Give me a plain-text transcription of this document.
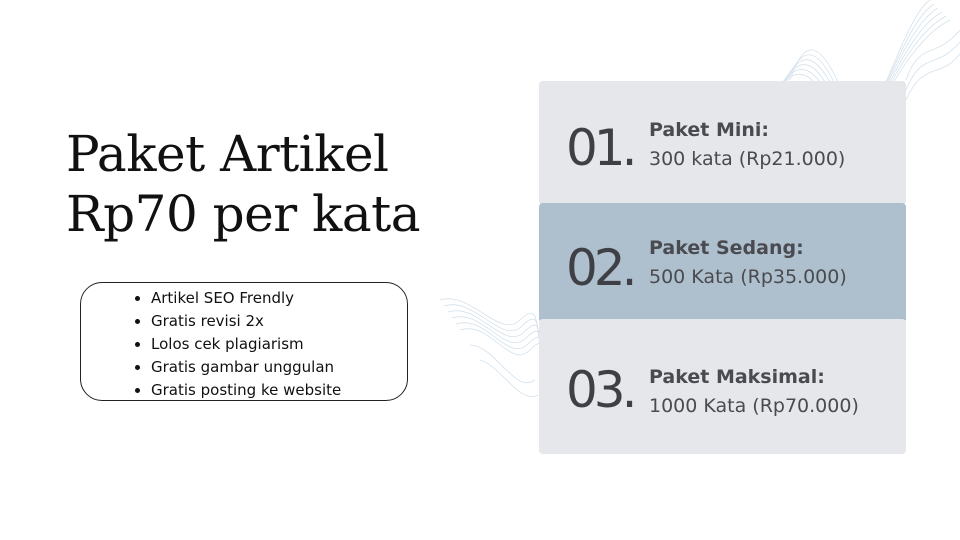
Paket Artikel
Rp70 per kata
• Artikel SEO Frendly
• Gratis revisi 2x
• Lolos cek plagiarism
• Gratis gambar unggulan
• Gratis posting ke website
01. Paket Mini:
300 kata (Rp21.000)
02. Paket Sedang:
500 Kata (Rp35.000)
03. Paket Maksimal:
1000 Kata (Rp70.000)
